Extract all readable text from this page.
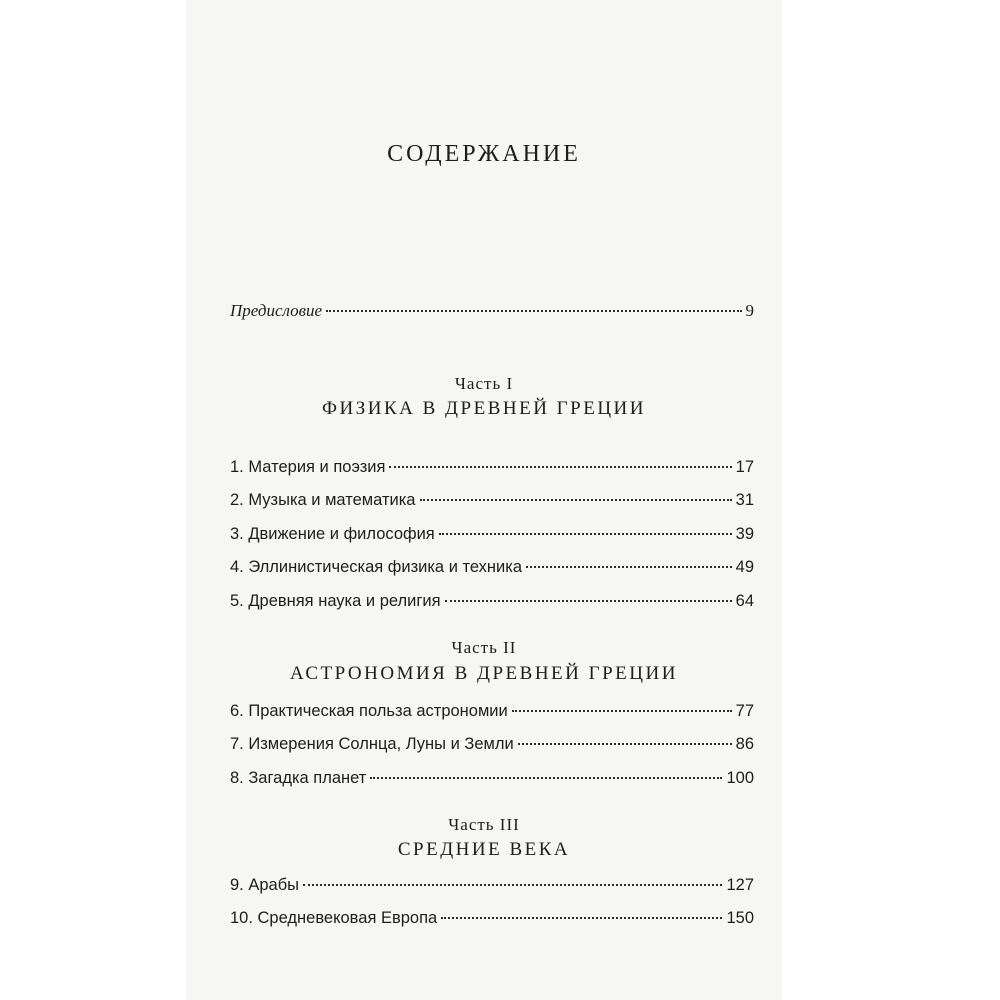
СОДЕРЖАНИЕ
Предисловие	9
Часть I
ФИЗИКА В ДРЕВНЕЙ ГРЕЦИИ
1. Материя и поэзия	17
2. Музыка и математика	31
3. Движение и философия	39
4. Эллинистическая физика и техника	49
5. Древняя наука и религия	64
Часть II
АСТРОНОМИЯ В ДРЕВНЕЙ ГРЕЦИИ
6. Практическая польза астрономии	77
7. Измерения Солнца, Луны и Земли	86
8. Загадка планет	100
Часть III
СРЕДНИЕ ВЕКА
9. Арабы	127
10. Средневековая Европа	150
